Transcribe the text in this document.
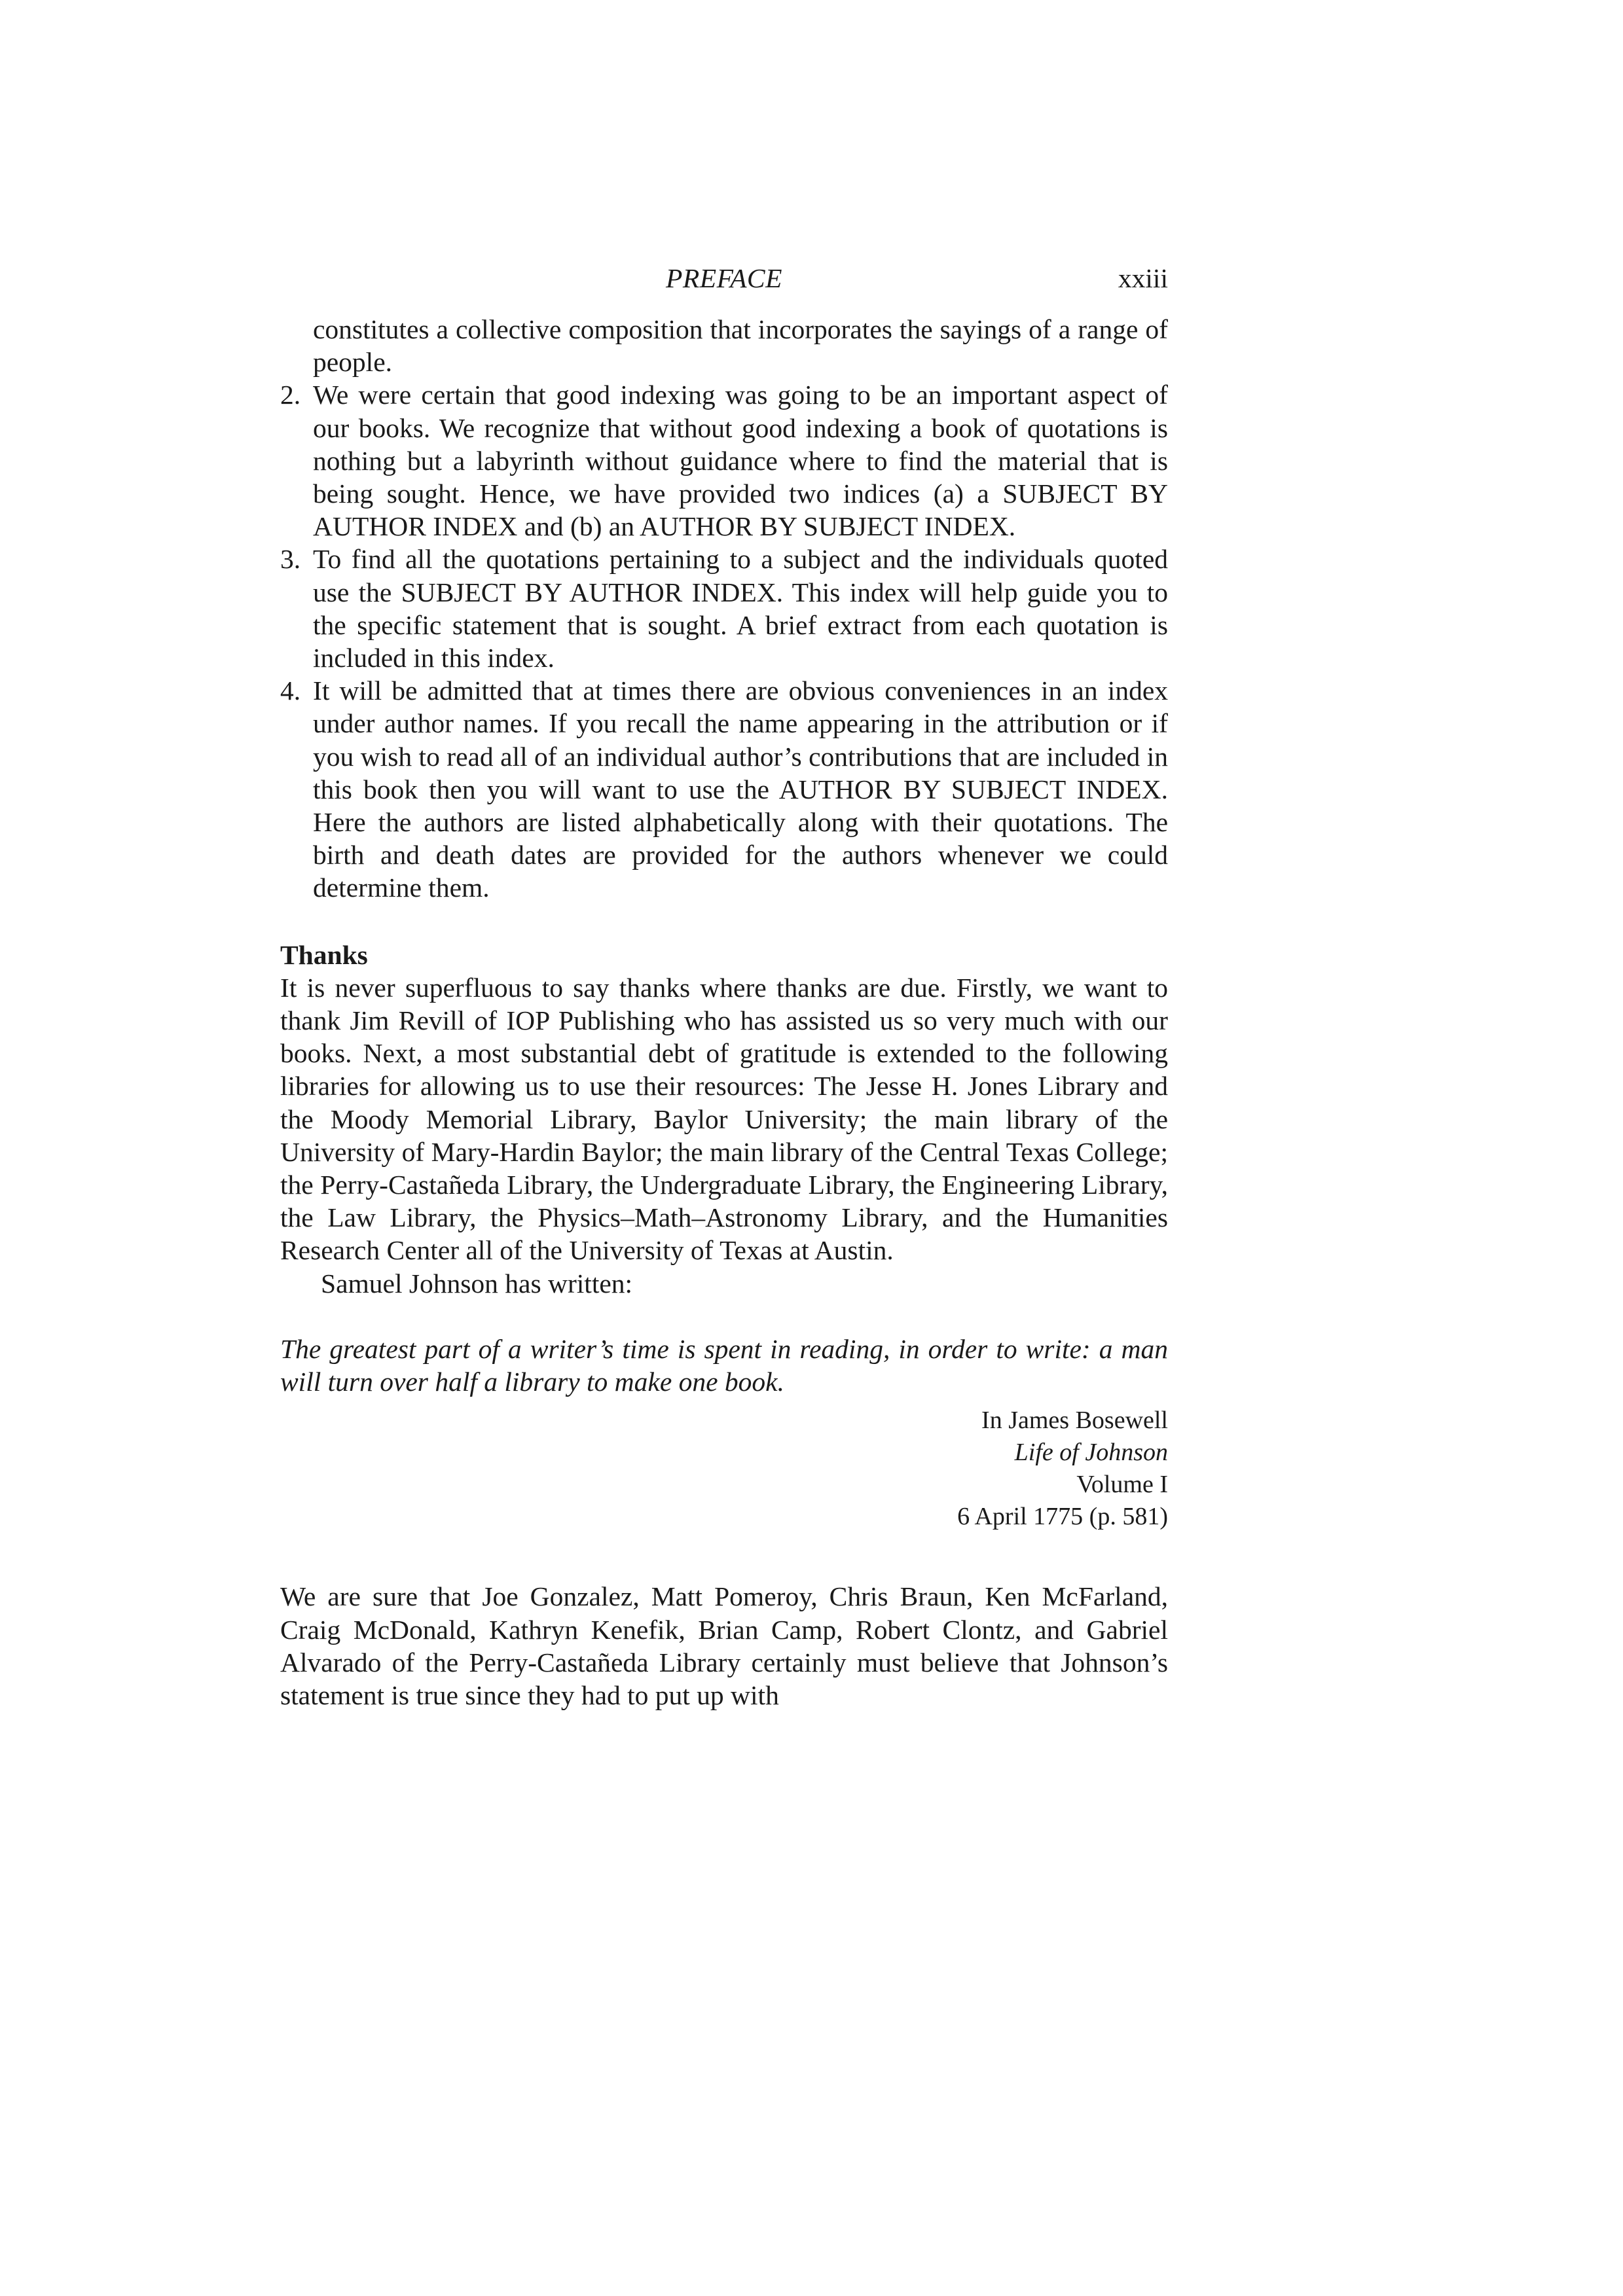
PREFACE	xxiii

constitutes a collective composition that incorporates the sayings of a range of people.

2. We were certain that good indexing was going to be an important aspect of our books. We recognize that without good indexing a book of quotations is nothing but a labyrinth without guidance where to find the material that is being sought. Hence, we have provided two indices (a) a SUBJECT BY AUTHOR INDEX and (b) an AUTHOR BY SUBJECT INDEX.
3. To find all the quotations pertaining to a subject and the individuals quoted use the SUBJECT BY AUTHOR INDEX. This index will help guide you to the specific statement that is sought. A brief extract from each quotation is included in this index.
4. It will be admitted that at times there are obvious conveniences in an index under author names. If you recall the name appearing in the attribution or if you wish to read all of an individual author’s contributions that are included in this book then you will want to use the AUTHOR BY SUBJECT INDEX. Here the authors are listed alphabetically along with their quotations. The birth and death dates are provided for the authors whenever we could determine them.
Thanks

It is never superfluous to say thanks where thanks are due. Firstly, we want to thank Jim Revill of IOP Publishing who has assisted us so very much with our books. Next, a most substantial debt of gratitude is extended to the following libraries for allowing us to use their resources: The Jesse H. Jones Library and the Moody Memorial Library, Baylor University; the main library of the University of Mary-Hardin Baylor; the main library of the Central Texas College; the Perry-Castañeda Library, the Undergraduate Library, the Engineering Library, the Law Library, the Physics–Math–Astronomy Library, and the Humanities Research Center all of the University of Texas at Austin.

Samuel Johnson has written:

The greatest part of a writer’s time is spent in reading, in order to write: a man will turn over half a library to make one book.

In James Bosewell
Life of Johnson
Volume I
6 April 1775 (p. 581)

We are sure that Joe Gonzalez, Matt Pomeroy, Chris Braun, Ken McFarland, Craig McDonald, Kathryn Kenefik, Brian Camp, Robert Clontz, and Gabriel Alvarado of the Perry-Castañeda Library certainly must believe that Johnson’s statement is true since they had to put up with
